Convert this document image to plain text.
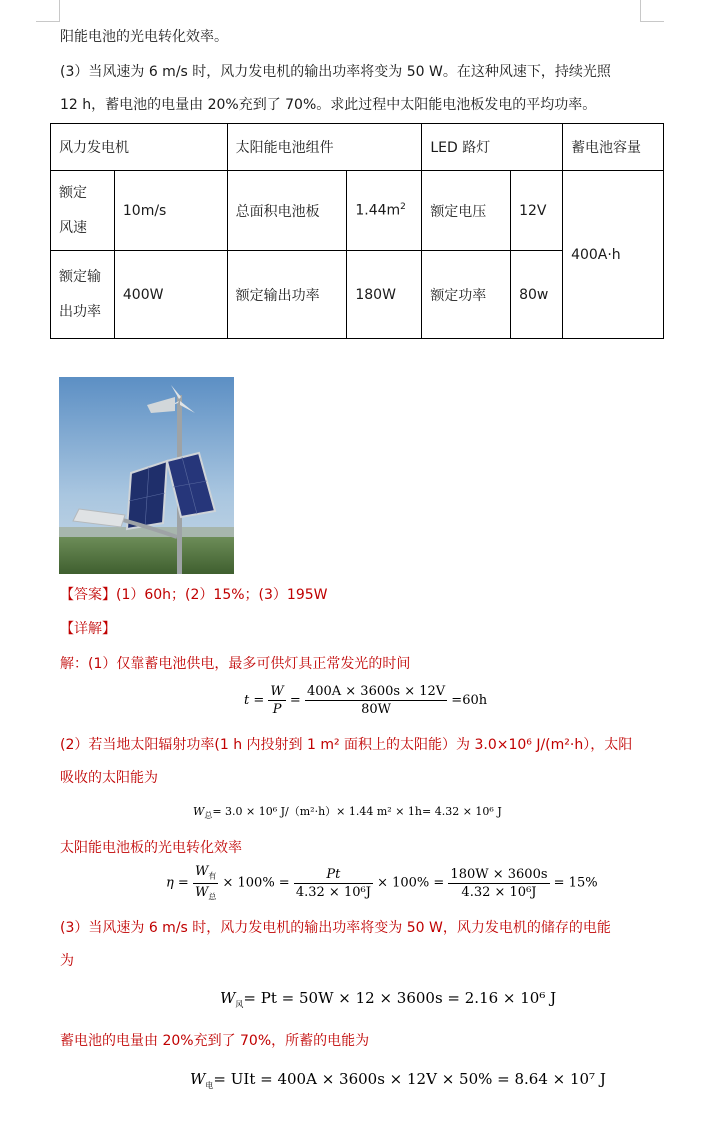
阳能电池的光电转化效率。
(3）当风速为 6 m/s 时，风力发电机的输出功率将变为 50 W。在这种风速下，持续光照
12 h，蓄电池的电量由 20%充到了 70%。求此过程中太阳能电池板发电的平均功率。
风力发电机		太阳能电池组件		LED 路灯		蓄电池容量

额定
风速	10m/s	总面积电池板	$1.44m^2$	额定电压	12V	400A·h

额定输
出功率	400W	额定输出功率	180W	额定功率	80w	
【答案】(1）60h；(2）15%；(3）195W
【详解】
解：(1）仅靠蓄电池供电，最多可供灯具正常发光的时间
$t = \frac{W}{P} = \frac{400A \times 3600s \times 12V}{80W} =60h$
(2）若当地太阳辐射功率(1 h 内投射到 1 m² 面积上的太阳能）为 3.0×10⁶ J/(m²·h），太阳
吸收的太阳能为
$W_总= 3.0 \times 10^6$ J/（m²·h）× 1.44 m² × 1h= 4.32 × 10⁶ J
太阳能电池板的光电转化效率
$\eta = \frac{W_有}{W_总} \times 100\% = \frac{Pt}{\text{4.32 × 10⁶J}} \times 100\% = \frac{180W \times 3600s}{\text{4.32 × 10⁶J}} = 15\%$
(3）当风速为 6 m/s 时，风力发电机的输出功率将变为 50 W，风力发电机的储存的电能
为
$W_风= Pt = 50W \times 12 \times 3600s = 2.16 \times 10^6$ J
蓄电池的电量由 20%充到了 70%，所蓄的电能为
$W_电=$ UIt = 400A × 3600s × 12V × 50% = 8.64 × 10⁷ J
